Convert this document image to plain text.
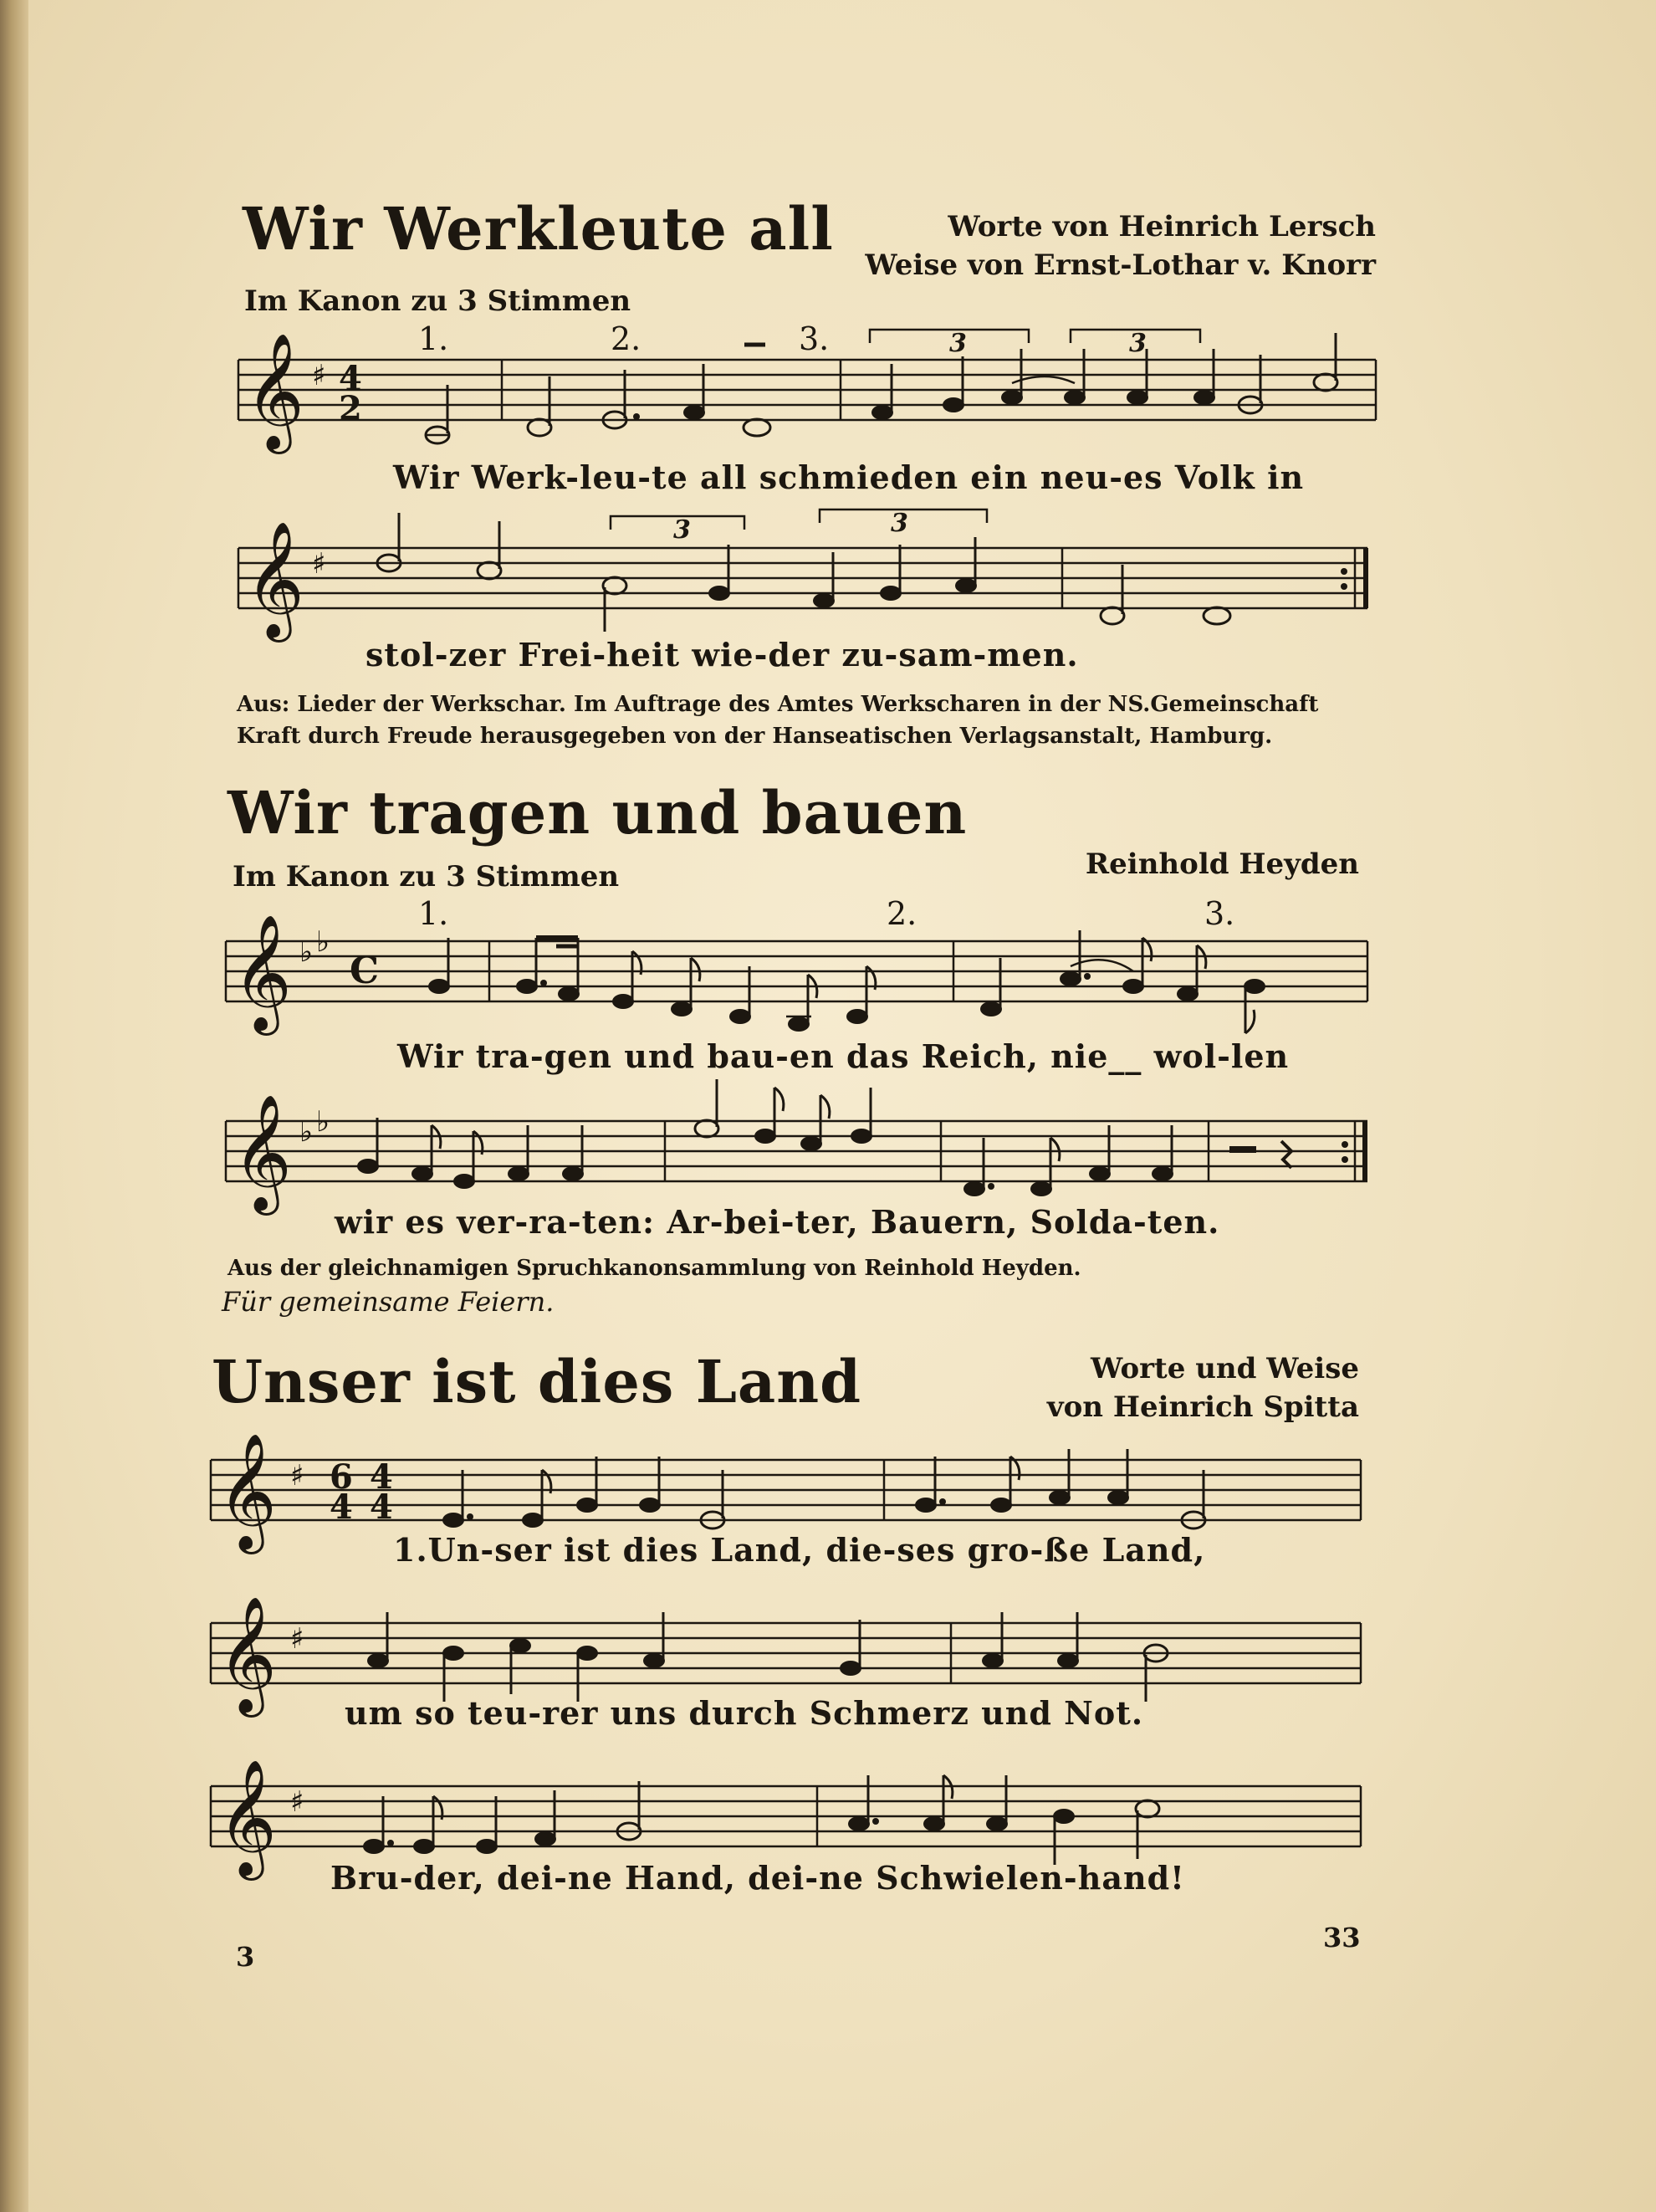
Wir Werkleute all	Worte von Heinrich Lersch
Weise von Ernst-Lothar v. Knorr
Im Kanon zu 3 Stimmen
𝄞 ♯ 4
2
1.	2.	3.	3	3
Wir Werk-leu-te all schmieden ein neu-es Volk in
𝄞 ♯
3	3
stol-zer Frei-heit wie-der zu-sam-men.
Aus: Lieder der Werkschar. Im Auftrage des Amtes Werkscharen in der NS.Gemeinschaft
Kraft durch Freude herausgegeben von der Hanseatischen Verlagsanstalt, Hamburg.
Wir tragen und bauen
Reinhold Heyden
Im Kanon zu 3 Stimmen
𝄞 ♭ ♭
C
1.	2.	3.
Wir tra-gen und bau-en das Reich, nie__ wol-len
𝄞 ♭ ♭
wir es ver-ra-ten: Ar-bei-ter, Bauern, Solda-ten.
Aus der gleichnamigen Spruchkanonsammlung von Reinhold Heyden.
Für gemeinsame Feiern.
Unser ist dies Land	Worte und Weise
von Heinrich Spitta
𝄞 ♯ 6
4
4
4
1.Un-ser ist dies Land, die-ses gro-ße Land,
𝄞 ♯
um so teu-rer uns durch Schmerz und Not.
𝄞 ♯
Bru-der, dei-ne Hand, dei-ne Schwielen-hand!
3
33
